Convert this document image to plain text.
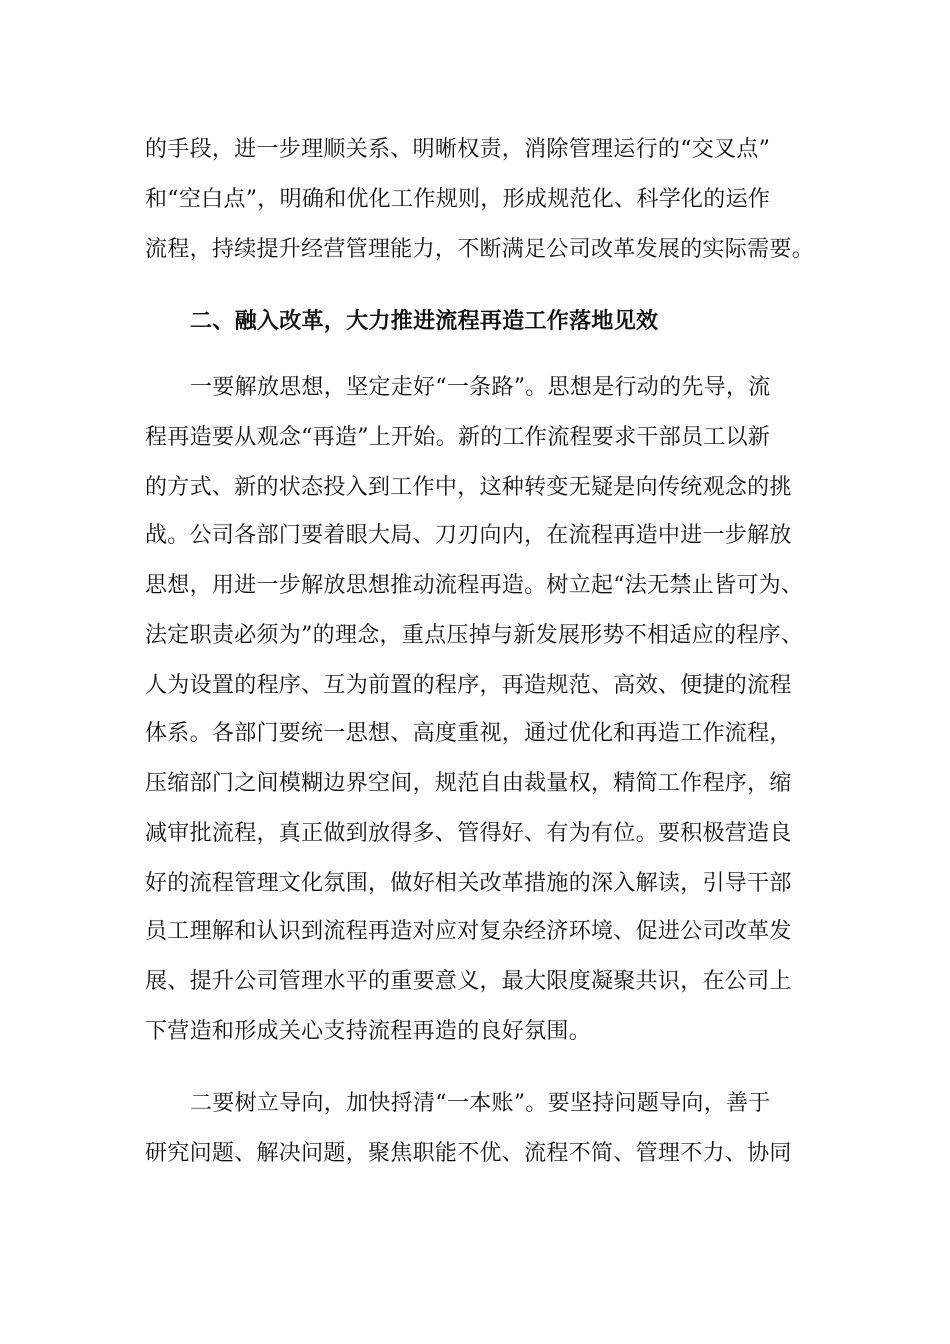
的手段，进一步理顺关系、明晰权责，消除管理运行的“交叉点”
和“空白点”，明确和优化工作规则，形成规范化、科学化的运作
流程，持续提升经营管理能力，不断满足公司改革发展的实际需要。
二、融入改革，大力推进流程再造工作落地见效
一要解放思想，坚定走好“一条路”。思想是行动的先导，流
程再造要从观念“再造”上开始。新的工作流程要求干部员工以新
的方式、新的状态投入到工作中，这种转变无疑是向传统观念的挑
战。公司各部门要着眼大局、刀刃向内，在流程再造中进一步解放
思想，用进一步解放思想推动流程再造。树立起“法无禁止皆可为、
法定职责必须为”的理念，重点压掉与新发展形势不相适应的程序、
人为设置的程序、互为前置的程序，再造规范、高效、便捷的流程
体系。各部门要统一思想、高度重视，通过优化和再造工作流程，
压缩部门之间模糊边界空间，规范自由裁量权，精简工作程序，缩
减审批流程，真正做到放得多、管得好、有为有位。要积极营造良
好的流程管理文化氛围，做好相关改革措施的深入解读，引导干部
员工理解和认识到流程再造对应对复杂经济环境、促进公司改革发
展、提升公司管理水平的重要意义，最大限度凝聚共识，在公司上
下营造和形成关心支持流程再造的良好氛围。
二要树立导向，加快捋清“一本账”。要坚持问题导向，善于
研究问题、解决问题，聚焦职能不优、流程不简、管理不力、协同
